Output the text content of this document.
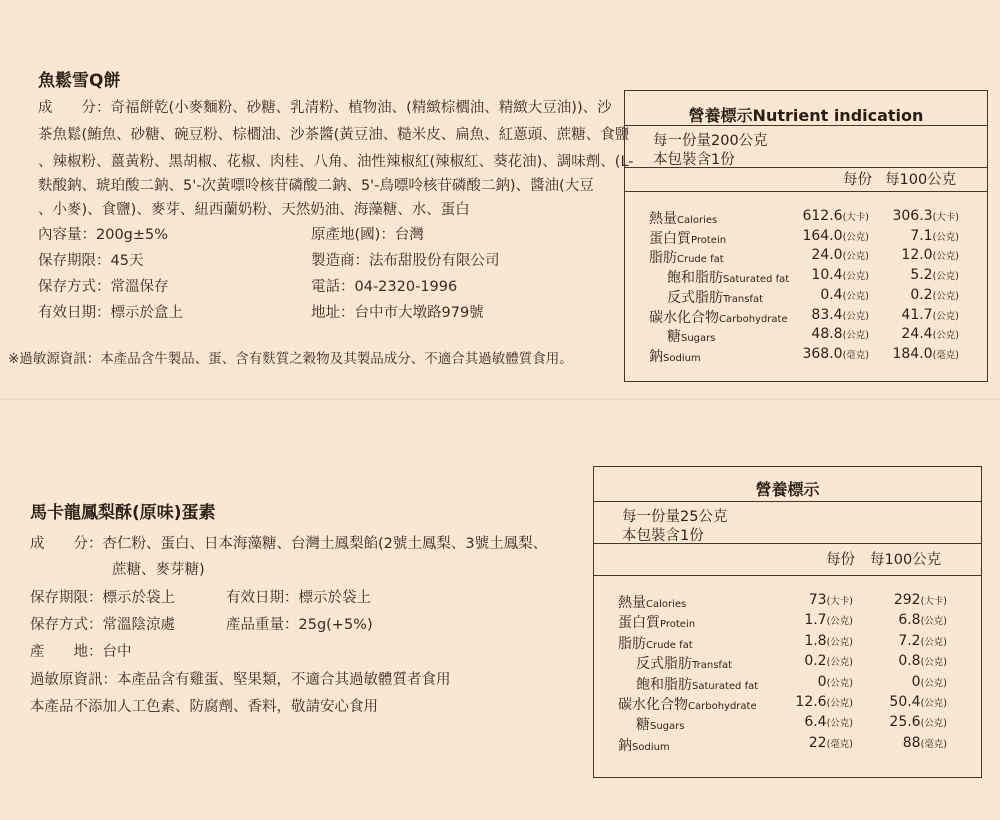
魚鬆雪Q餅
成　　分：奇福餅乾(小麥麵粉、砂糖、乳清粉、植物油、(精緻棕櫚油、精緻大豆油))、沙
茶魚鬆(鮪魚、砂糖、碗豆粉、棕櫚油、沙茶醬(黃豆油、糙米皮、扁魚、紅蔥頭、蔗糖、食鹽
、辣椒粉、薑黃粉、黑胡椒、花椒、肉桂、八角、油性辣椒紅(辣椒紅、葵花油)、調味劑、(L-
麩酸鈉、琥珀酸二鈉、5'-次黃嘌呤核苷磷酸二鈉、5'-鳥嘌呤核苷磷酸二鈉)、醬油(大豆
、小麥)、食鹽)、麥芽、紐西蘭奶粉、天然奶油、海藻糖、水、蛋白
內容量：200g±5%
保存期限：45天
保存方式：常溫保存
有效日期：標示於盒上
原產地(國)：台灣
製造商：法布甜股份有限公司
電話：04-2320-1996
地址：台中市大墩路979號
※過敏源資訊：本產品含牛製品、蛋、含有麩質之穀物及其製品成分、不適合其過敏體質食用。
營養標示Nutrient indication
每一份量200公克
本包裝含1份
每份 每100公克
熱量Calories	612.6(大卡) 306.3(大卡)
蛋白質Protein	164.0(公克)	7.1(公克)
脂肪Crude fat	24.0(公克) 12.0(公克)
飽和脂肪Saturated fat 10.4(公克)	5.2(公克)
反式脂肪Transfat	0.4(公克)	0.2(公克)
碳水化合物Carbohydrate 83.4(公克) 41.7(公克)
糖Sugars	48.8(公克) 24.4(公克)
鈉Sodium	368.0(毫克) 184.0(毫克)
馬卡龍鳳梨酥(原味)蛋素
成　　分：杏仁粉、蛋白、日本海藻糖、台灣土鳳梨餡(2號土鳳梨、3號土鳳梨、
蔗糖、麥芽糖)
保存期限：標示於袋上	有效日期：標示於袋上
保存方式：常溫陰涼處	產品重量：25g(+5%)
產　　地：台中
過敏原資訊：本產品含有雞蛋、堅果類，不適合其過敏體質者食用
本產品不添加人工色素、防腐劑、香料，敬請安心食用
營養標示
每一份量25公克
本包裝含1份
每份 每100公克
熱量Calories	73(大卡)	292(大卡)
蛋白質Protein	1.7(公克)	6.8(公克)
脂肪Crude fat	1.8(公克)	7.2(公克)
反式脂肪Transfat	0.2(公克)	0.8(公克)
飽和脂肪Saturated fat	0(公克)	0(公克)
碳水化合物Carbohydrate	12.6(公克)	50.4(公克)
糖Sugars	6.4(公克)	25.6(公克)
鈉Sodium	22(毫克)	88(毫克)
